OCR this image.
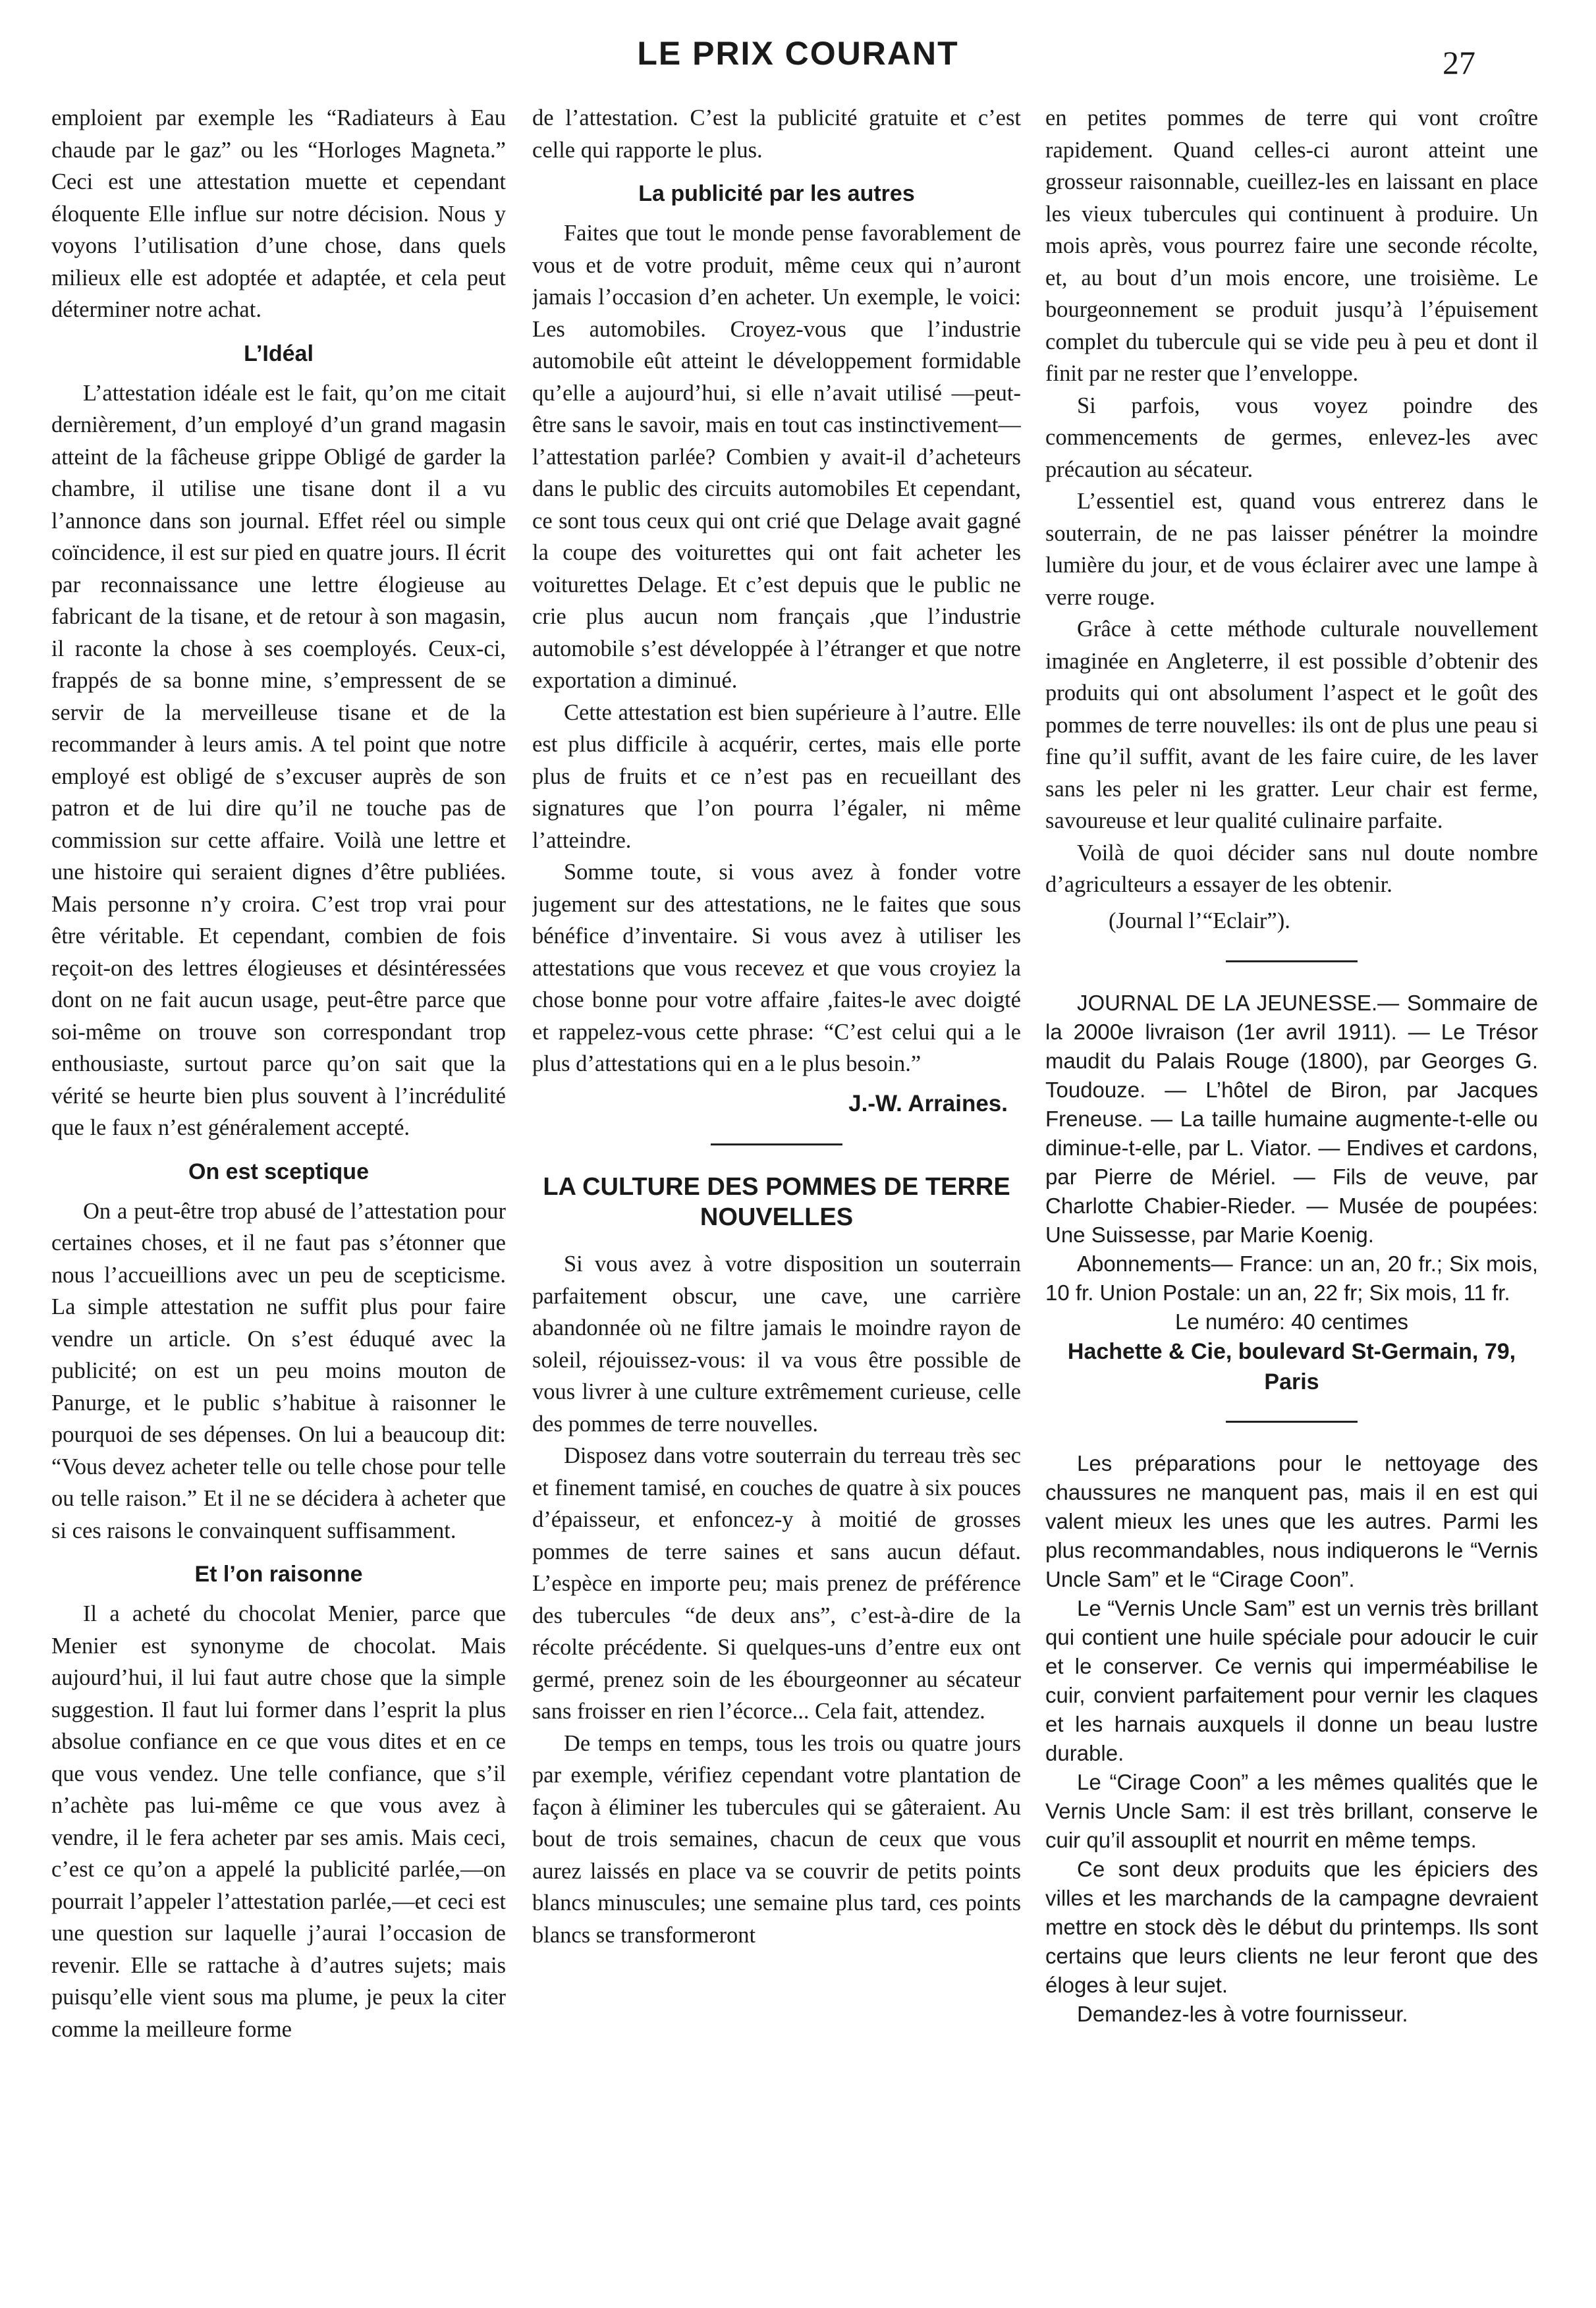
LE PRIX COURANT	27

emploient par exemple les “Radiateurs à Eau chaude par le gaz” ou les “Horloges Magneta.” Ceci est une attestation muette et cependant éloquente Elle influe sur notre décision. Nous y voyons l’utilisation d’une chose, dans quels milieux elle est adoptée et adaptée, et cela peut déterminer notre achat.

L’Idéal

L’attestation idéale est le fait, qu’on me citait dernièrement, d’un employé d’un grand magasin atteint de la fâcheuse grippe Obligé de garder la chambre, il utilise une tisane dont il a vu l’annonce dans son journal. Effet réel ou simple coïncidence, il est sur pied en quatre jours. Il écrit par reconnaissance une lettre élogieuse au fabricant de la tisane, et de retour à son magasin, il raconte la chose à ses coemployés. Ceux-ci, frappés de sa bonne mine, s’empressent de se servir de la merveilleuse tisane et de la recommander à leurs amis. A tel point que notre employé est obligé de s’excuser auprès de son patron et de lui dire qu’il ne touche pas de commission sur cette affaire. Voilà une lettre et une histoire qui seraient dignes d’être publiées. Mais personne n’y croira. C’est trop vrai pour être véritable. Et cependant, combien de fois reçoit-on des lettres élogieuses et désintéressées dont on ne fait aucun usage, peut-être parce que soi-même on trouve son correspondant trop enthousiaste, surtout parce qu’on sait que la vérité se heurte bien plus souvent à l’incrédulité que le faux n’est généralement accepté.

On est sceptique

On a peut-être trop abusé de l’attestation pour certaines choses, et il ne faut pas s’étonner que nous l’accueillions avec un peu de scepticisme. La simple attestation ne suffit plus pour faire vendre un article. On s’est éduqué avec la publicité; on est un peu moins mouton de Panurge, et le public s’habitue à raisonner le pourquoi de ses dépenses. On lui a beaucoup dit: “Vous devez acheter telle ou telle chose pour telle ou telle raison.” Et il ne se décidera à acheter que si ces raisons le convainquent suffisamment.

Et l’on raisonne

Il a acheté du chocolat Menier, parce que Menier est synonyme de chocolat. Mais aujourd’hui, il lui faut autre chose que la simple suggestion. Il faut lui former dans l’esprit la plus absolue confiance en ce que vous dites et en ce que vous vendez. Une telle confiance, que s’il n’achète pas lui-même ce que vous avez à vendre, il le fera acheter par ses amis. Mais ceci, c’est ce qu’on a appelé la publicité parlée,—on pourrait l’appeler l’attestation parlée,—et ceci est une question sur laquelle j’aurai l’occasion de revenir. Elle se rattache à d’autres sujets; mais puisqu’elle vient sous ma plume, je peux la citer comme la meilleure forme

de l’attestation. C’est la publicité gratuite et c’est celle qui rapporte le plus.

La publicité par les autres

Faites que tout le monde pense favorablement de vous et de votre produit, même ceux qui n’auront jamais l’occasion d’en acheter. Un exemple, le voici: Les automobiles. Croyez-vous que l’industrie automobile eût atteint le développement formidable qu’elle a aujourd’hui, si elle n’avait utilisé —peut-être sans le savoir, mais en tout cas instinctivement—l’attestation parlée? Combien y avait-il d’acheteurs dans le public des circuits automobiles Et cependant, ce sont tous ceux qui ont crié que Delage avait gagné la coupe des voiturettes qui ont fait acheter les voiturettes Delage. Et c’est depuis que le public ne crie plus aucun nom français ,que l’industrie automobile s’est développée à l’étranger et que notre exportation a diminué.

Cette attestation est bien supérieure à l’autre. Elle est plus difficile à acquérir, certes, mais elle porte plus de fruits et ce n’est pas en recueillant des signatures que l’on pourra l’égaler, ni même l’atteindre.

Somme toute, si vous avez à fonder votre jugement sur des attestations, ne le faites que sous bénéfice d’inventaire. Si vous avez à utiliser les attestations que vous recevez et que vous croyiez la chose bonne pour votre affaire ,faites-le avec doigté et rappelez-vous cette phrase: “C’est celui qui a le plus d’attestations qui en a le plus besoin.”

J.-W. Arraines.
LA CULTURE DES POMMES DE TERRE NOUVELLES

Si vous avez à votre disposition un souterrain parfaitement obscur, une cave, une carrière abandonnée où ne filtre jamais le moindre rayon de soleil, réjouissez-vous: il va vous être possible de vous livrer à une culture extrêmement curieuse, celle des pommes de terre nouvelles.

Disposez dans votre souterrain du terreau très sec et finement tamisé, en couches de quatre à six pouces d’épaisseur, et enfoncez-y à moitié de grosses pommes de terre saines et sans aucun défaut. L’espèce en importe peu; mais prenez de préférence des tubercules “de deux ans”, c’est-à-dire de la récolte précédente. Si quelques-uns d’entre eux ont germé, prenez soin de les ébourgeonner au sécateur sans froisser en rien l’écorce... Cela fait, attendez.

De temps en temps, tous les trois ou quatre jours par exemple, vérifiez cependant votre plantation de façon à éliminer les tubercules qui se gâteraient. Au bout de trois semaines, chacun de ceux que vous aurez laissés en place va se couvrir de petits points blancs minuscules; une semaine plus tard, ces points blancs se transformeront

en petites pommes de terre qui vont croître rapidement. Quand celles-ci auront atteint une grosseur raisonnable, cueillez-les en laissant en place les vieux tubercules qui continuent à produire. Un mois après, vous pourrez faire une seconde récolte, et, au bout d’un mois encore, une troisième. Le bourgeonnement se produit jusqu’à l’épuisement complet du tubercule qui se vide peu à peu et dont il finit par ne rester que l’enveloppe.

Si parfois, vous voyez poindre des commencements de germes, enlevez-les avec précaution au sécateur.

L’essentiel est, quand vous entrerez dans le souterrain, de ne pas laisser pénétrer la moindre lumière du jour, et de vous éclairer avec une lampe à verre rouge.

Grâce à cette méthode culturale nouvellement imaginée en Angleterre, il est possible d’obtenir des produits qui ont absolument l’aspect et le goût des pommes de terre nouvelles: ils ont de plus une peau si fine qu’il suffit, avant de les faire cuire, de les laver sans les peler ni les gratter. Leur chair est ferme, savoureuse et leur qualité culinaire parfaite.

Voilà de quoi décider sans nul doute nombre d’agriculteurs a essayer de les obtenir.

(Journal l’“Eclair”).

JOURNAL DE LA JEUNESSE.— Sommaire de la 2000e livraison (1er avril 1911). — Le Trésor maudit du Palais Rouge (1800), par Georges G. Toudouze. — L’hôtel de Biron, par Jacques Freneuse. — La taille humaine augmente-t-elle ou diminue-t-elle, par L. Viator. — Endives et cardons, par Pierre de Mériel. — Fils de veuve, par Charlotte Chabier-Rieder. — Musée de poupées: Une Suissesse, par Marie Koenig.

Abonnements— France: un an, 20 fr.; Six mois, 10 fr. Union Postale: un an, 22 fr; Six mois, 11 fr.

Le numéro: 40 centimes

Hachette & Cie, boulevard St-Germain, 79, Paris

Les préparations pour le nettoyage des chaussures ne manquent pas, mais il en est qui valent mieux les unes que les autres. Parmi les plus recommandables, nous indiquerons le “Vernis Uncle Sam” et le “Cirage Coon”.

Le “Vernis Uncle Sam” est un vernis très brillant qui contient une huile spéciale pour adoucir le cuir et le conserver. Ce vernis qui imperméabilise le cuir, convient parfaitement pour vernir les claques et les harnais auxquels il donne un beau lustre durable.

Le “Cirage Coon” a les mêmes qualités que le Vernis Uncle Sam: il est très brillant, conserve le cuir qu’il assouplit et nourrit en même temps.

Ce sont deux produits que les épiciers des villes et les marchands de la campagne devraient mettre en stock dès le début du printemps. Ils sont certains que leurs clients ne leur feront que des éloges à leur sujet.

Demandez-les à votre fournisseur.
